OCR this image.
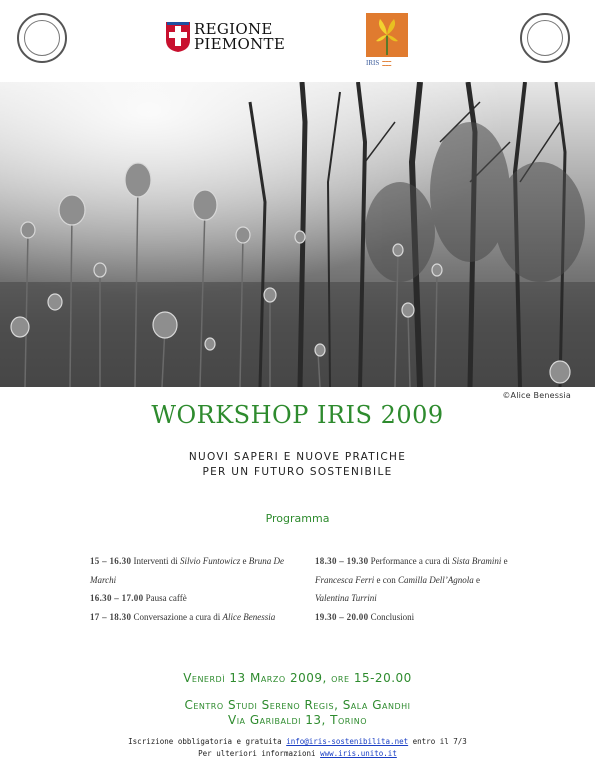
REGIONE
PIEMONTE
IRIS ▬▬▬
▬▬▬
©Alice Benessia
WORKSHOP IRIS 2009
NUOVI SAPERI E NUOVE PRATICHE
PER UN FUTURO SOSTENIBILE
Programma

15 – 16.30 Interventi di Silvio Funtowicz e Bruna De Marchi

16.30 – 17.00 Pausa caffè

17 – 18.30 Conversazione a cura di Alice Benessia

18.30 – 19.30 Performance a cura di Sista Bramini e Francesca Ferri e con Camilla Dell’Agnola e Valentina Turrini

19.30 – 20.00 Conclusioni

Venerdì 13 Marzo 2009, ore 15-20.00
Centro Studi Sereno Regis, Sala Gandhi
Via Garibaldi 13, Torino
Iscrizione obbligatoria e gratuita info@iris-sostenibilita.net entro il 7/3
Per ulteriori informazioni www.iris.unito.it
